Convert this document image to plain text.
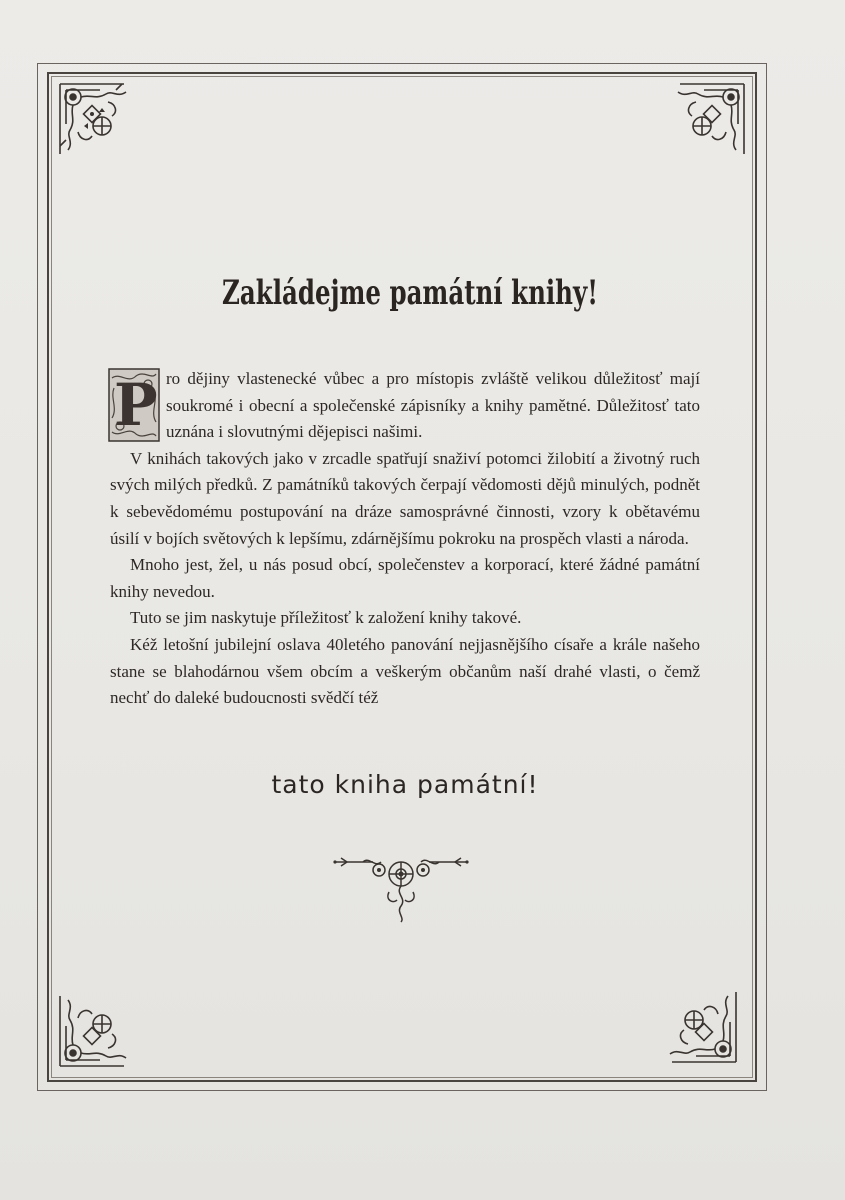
Zakládejme památní knihy!

P ro dějiny vlastenecké vůbec a pro místopis zvláště velikou důležitosť mají soukromé i obecní a společenské zápisníky a knihy pamětné. Důležitosť tato uznána i slovutnými dějepisci našimi.

V knihách takových jako v zrcadle spatřují snaživí potomci žilobití a životný ruch svých milých předků. Z památníků takových čerpají vědomosti dějů minulých, podnět k sebevědomému postupování na dráze samosprávné činnosti, vzory k obětavému úsilí v bojích světových k lepšímu, zdárnějšímu pokroku na prospěch vlasti a národa.

Mnoho jest, žel, u nás posud obcí, společenstev a korporací, které žádné památní knihy nevedou.

Tuto se jim naskytuje příležitosť k založení knihy takové.

Kéž letošní jubilejní oslava 40letého panování nejjasnějšího císaře a krále našeho stane se blahodárnou všem obcím a veškerým občanům naší drahé vlasti, o čemž nechť do daleké budoucnosti svědčí též

tato kniha památní!
